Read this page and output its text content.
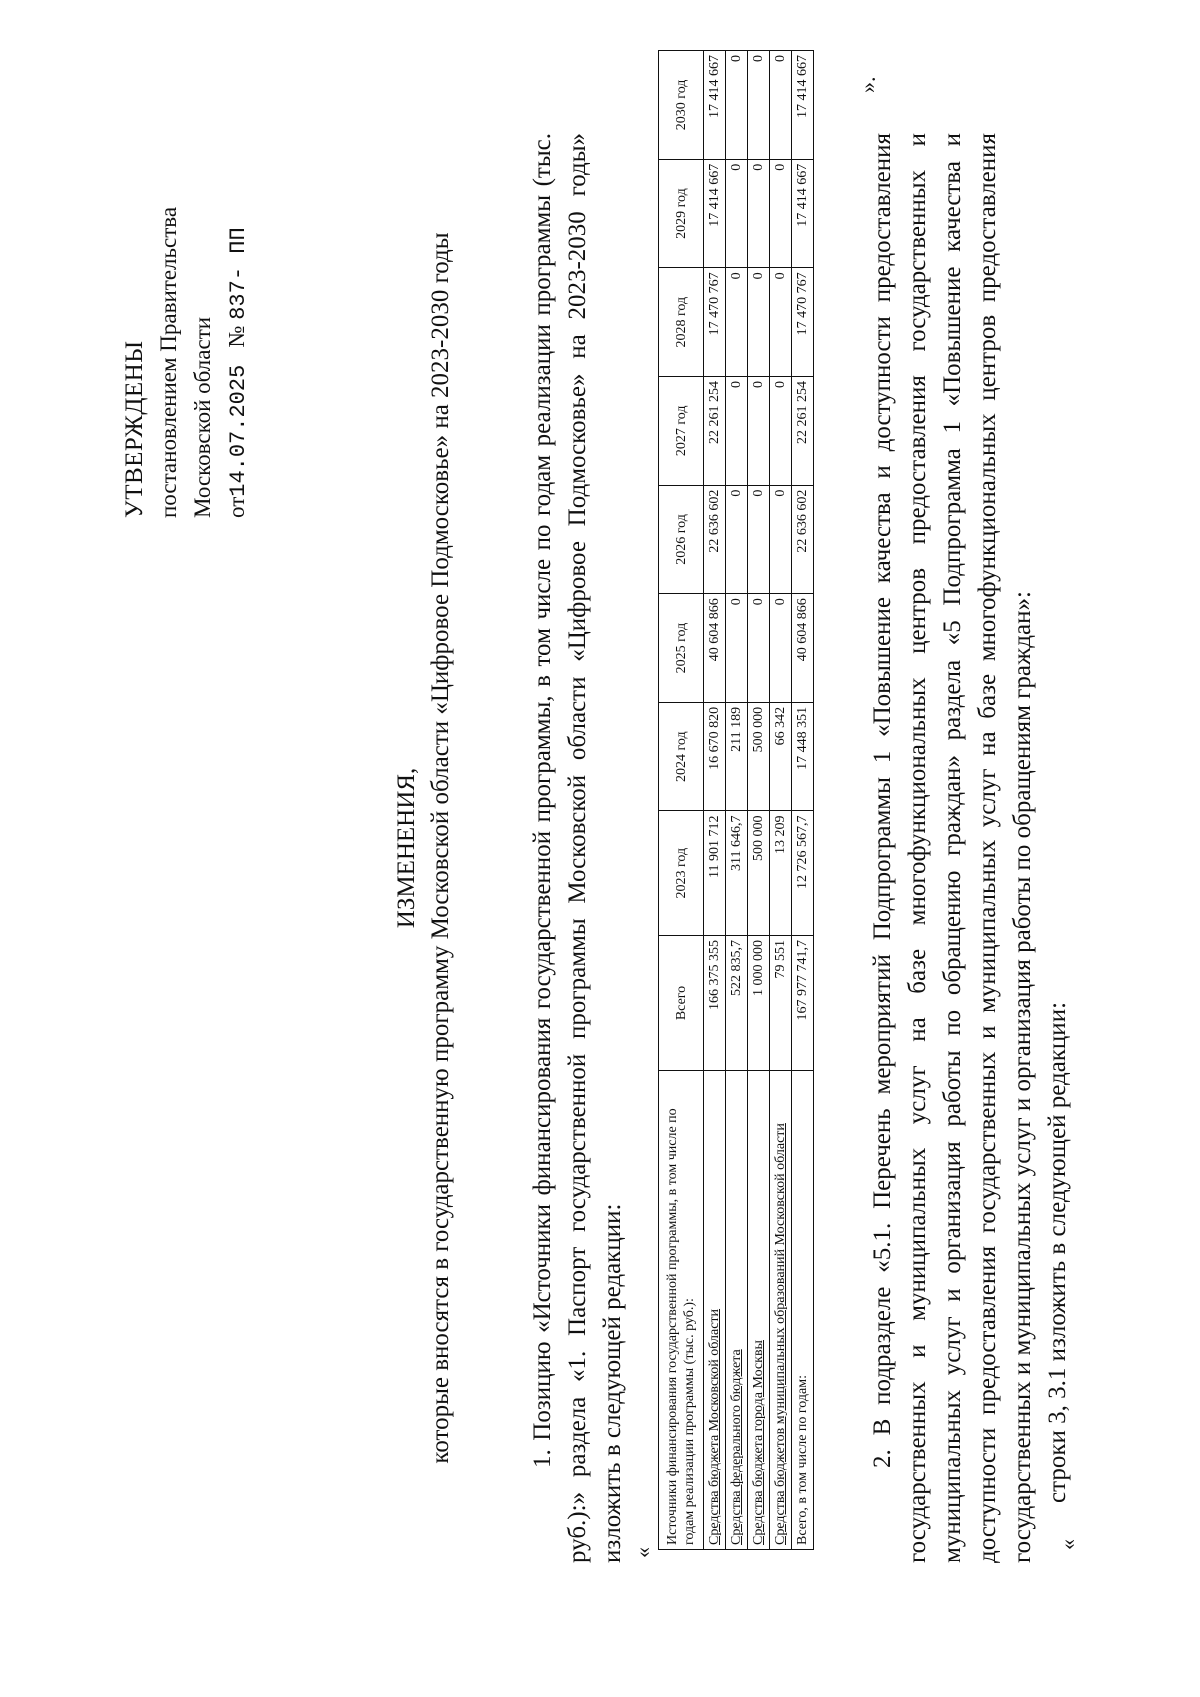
УТВЕРЖДЕНЫ постановлением Правительства Московской области от14.07.2025   № 837- ПП
ИЗМЕНЕНИЯ, которые вносятся в государственную программу Московской области «Цифровое Подмосковье» на 2023-2030 годы	1. Позицию «Источники финансирования государственной программы, в том числе по годам реализации программы (тыс. руб.):» раздела «1. Паспорт государственной программы Московской области «Цифровое Подмосковье» на 2023-2030 годы» изложить в следующей редакции: «
Источники финансирования государственной программы, в том числе по годам реализации программы (тыс. руб.):	Всего	2023 год	2024 год	2025 год	2026 год	2027 год	2028 год	2029 год	2030 год
Средства бюджета Московской области	166 375 355	11 901 712	16 670 820	40 604 866	22 636 602	22 261 254	17 470 767	17 414 667	17 414 667
Средства федерального бюджета	522 835,7	311 646,7	211 189	0	0	0	0	0	0
Средства бюджета города Москвы	1 000 000	500 000	500 000	0	0	0	0	0	0
Средства бюджетов муниципальных образований Московской области	79 551	13 209	66 342	0	0	0	0	0	0
Всего, в том числе по годам:	167 977 741,7	12 726 567,7	17 448 351	40 604 866	22 636 602	22 261 254	17 470 767	17 414 667	17 414 667 ».
2. В подразделе «5.1. Перечень мероприятий Подпрограммы 1 «Повышение качества и доступности предоставления государственных и муниципальных услуг на базе многофункциональных центров предоставления государственных и муниципальных услуг и организация работы по обращению граждан» раздела «5 Подпрограмма 1 «Повышение качества и доступности предоставления государственных и муниципальных услуг на базе многофункциональных центров предоставления государственных и муниципальных услуг и организация работы по обращениям граждан»: строки 3, 3.1 изложить в следующей редакции:
«
